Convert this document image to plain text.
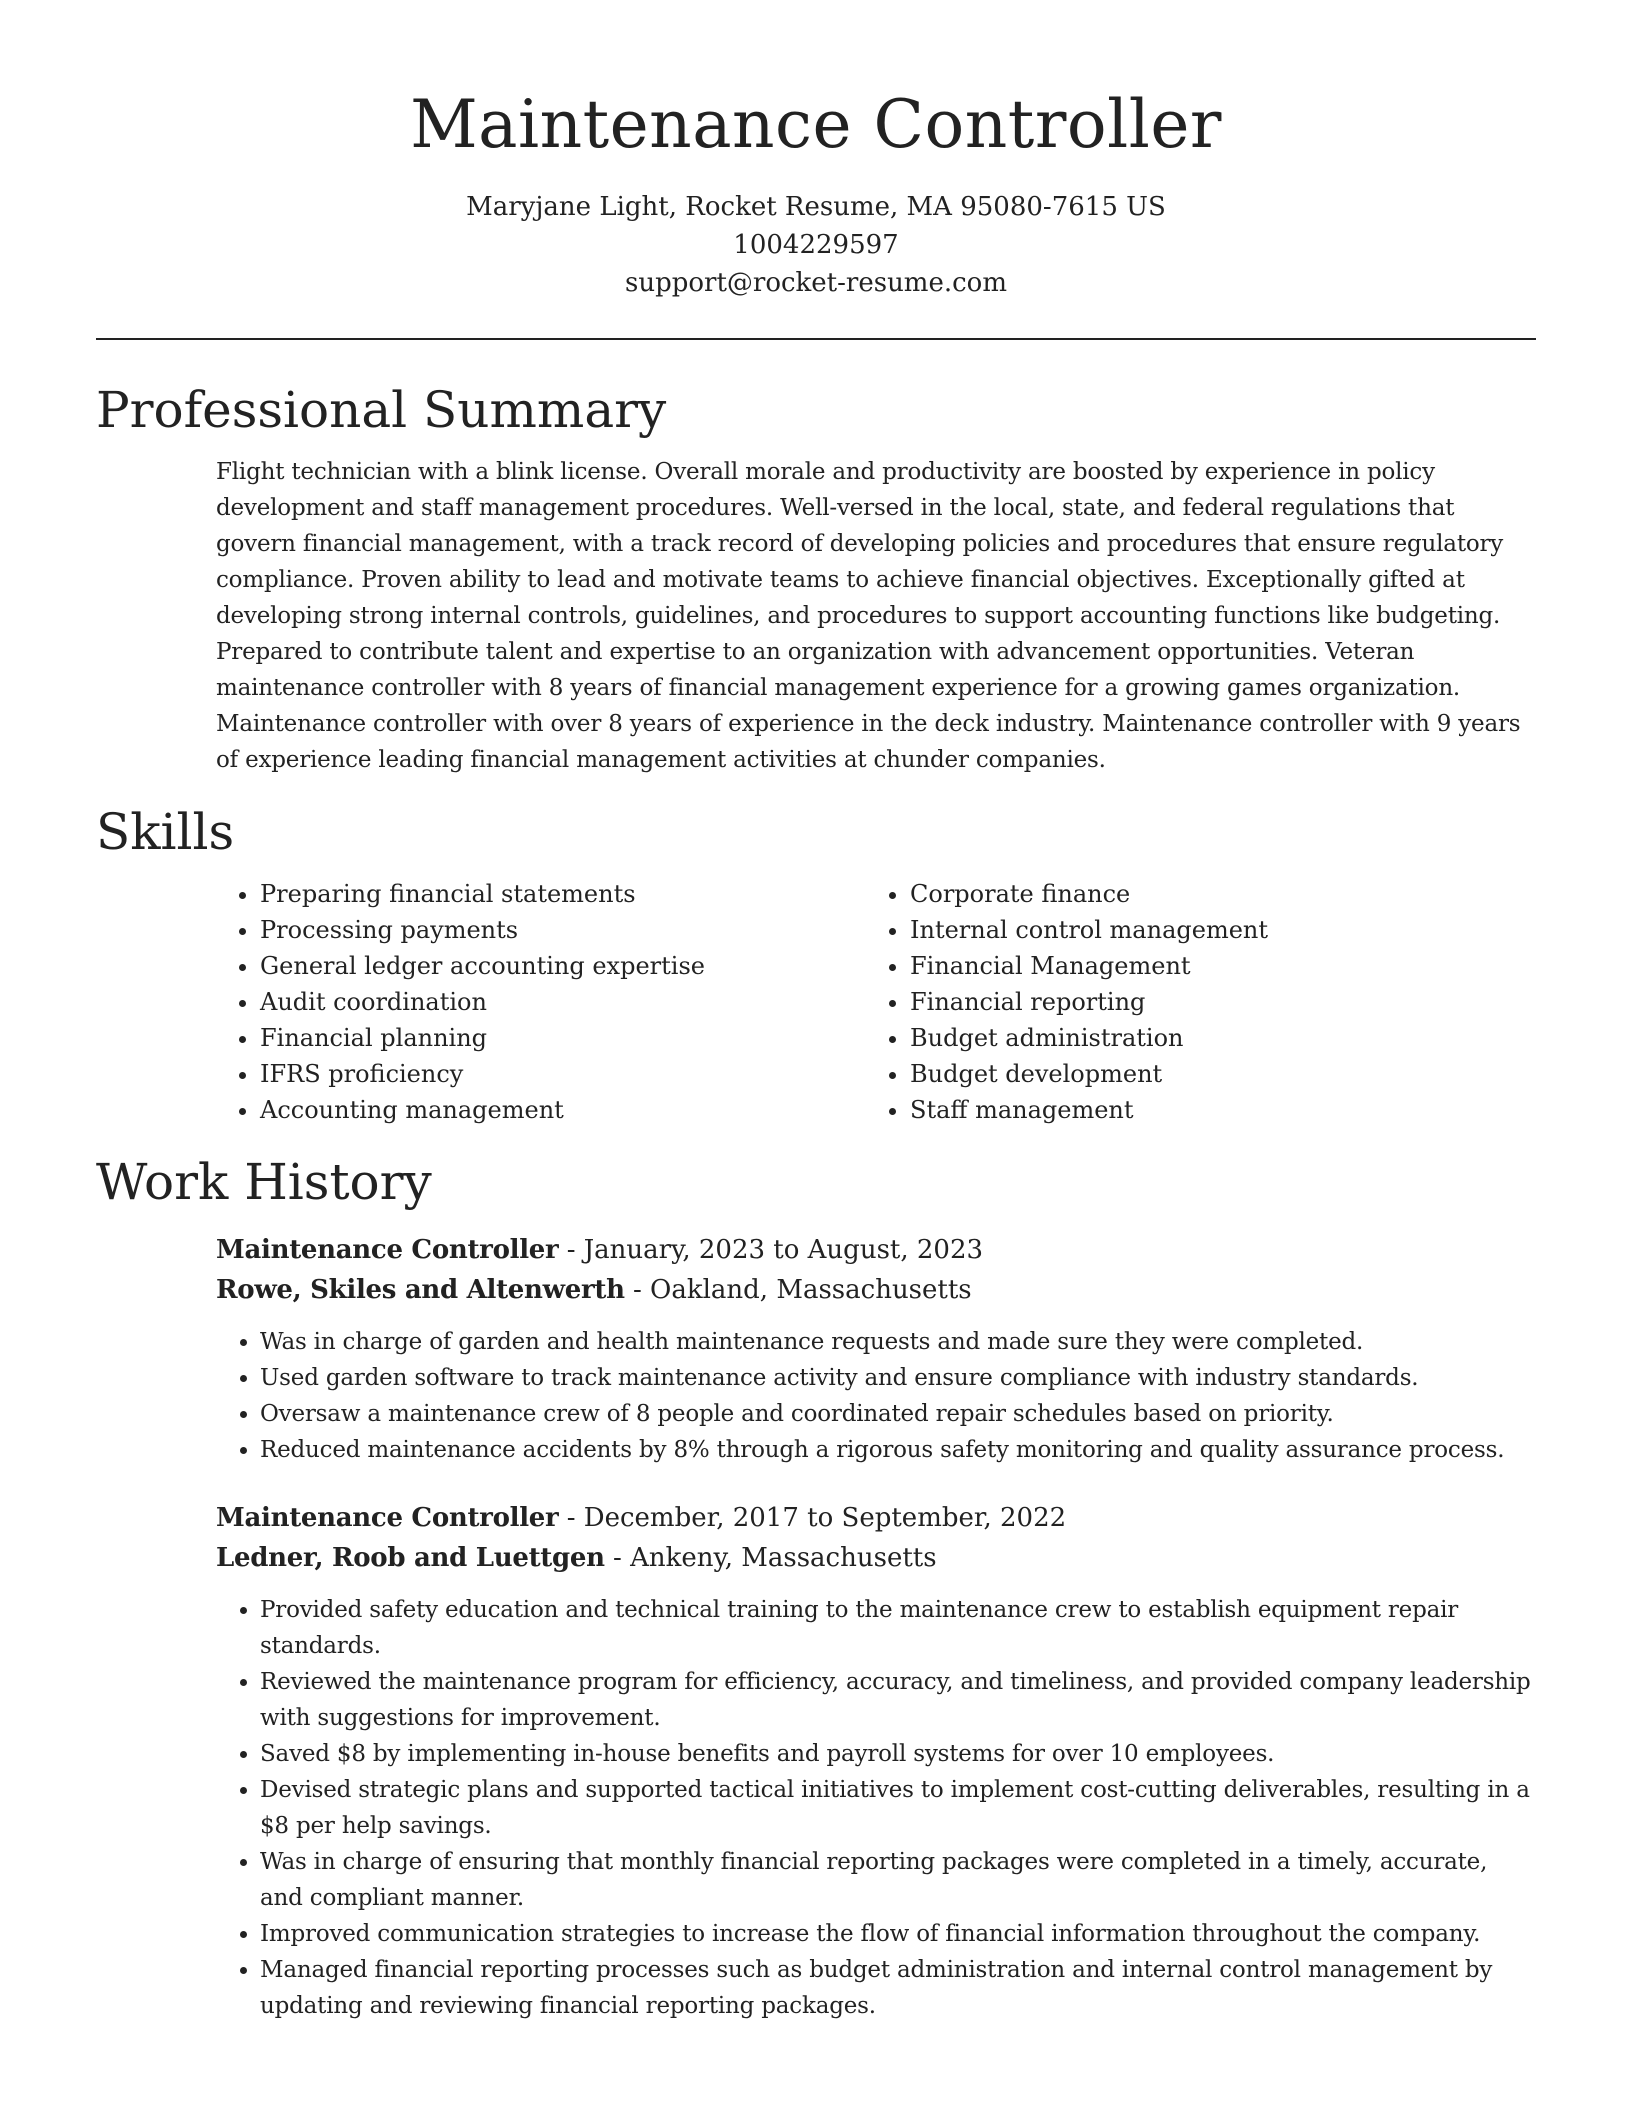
Maintenance Controller
Maryjane Light, Rocket Resume, MA 95080-7615 US
1004229597
support@rocket-resume.com
Professional Summary

Flight technician with a blink license. Overall morale and productivity are boosted by experience in policy development and staff management procedures. Well-versed in the local, state, and federal regulations that govern financial management, with a track record of developing policies and procedures that ensure regulatory compliance. Proven ability to lead and motivate teams to achieve financial objectives. Exceptionally gifted at developing strong internal controls, guidelines, and procedures to support accounting functions like budgeting. Prepared to contribute talent and expertise to an organization with advancement opportunities. Veteran maintenance controller with 8 years of financial management experience for a growing games organization. Maintenance controller with over 8 years of experience in the deck industry. Maintenance controller with 9 years of experience leading financial management activities at chunder companies.

Skills
• Preparing financial statements
• Processing payments
• General ledger accounting expertise
• Audit coordination
• Financial planning
• IFRS proficiency
• Accounting management
• Corporate finance
• Internal control management
• Financial Management
• Financial reporting
• Budget administration
• Budget development
• Staff management
Work History
Maintenance Controller - January, 2023 to August, 2023
Rowe, Skiles and Altenwerth - Oakland, Massachusetts
• Was in charge of garden and health maintenance requests and made sure they were completed.
• Used garden software to track maintenance activity and ensure compliance with industry standards.
• Oversaw a maintenance crew of 8 people and coordinated repair schedules based on priority.
• Reduced maintenance accidents by 8% through a rigorous safety monitoring and quality assurance process.
Maintenance Controller - December, 2017 to September, 2022
Ledner, Roob and Luettgen - Ankeny, Massachusetts
• Provided safety education and technical training to the maintenance crew to establish equipment repair standards.
• Reviewed the maintenance program for efficiency, accuracy, and timeliness, and provided company leadership with suggestions for improvement.
• Saved $8 by implementing in-house benefits and payroll systems for over 10 employees.
• Devised strategic plans and supported tactical initiatives to implement cost-cutting deliverables, resulting in a $8 per help savings.
• Was in charge of ensuring that monthly financial reporting packages were completed in a timely, accurate, and compliant manner.
• Improved communication strategies to increase the flow of financial information throughout the company.
• Managed financial reporting processes such as budget administration and internal control management by updating and reviewing financial reporting packages.
